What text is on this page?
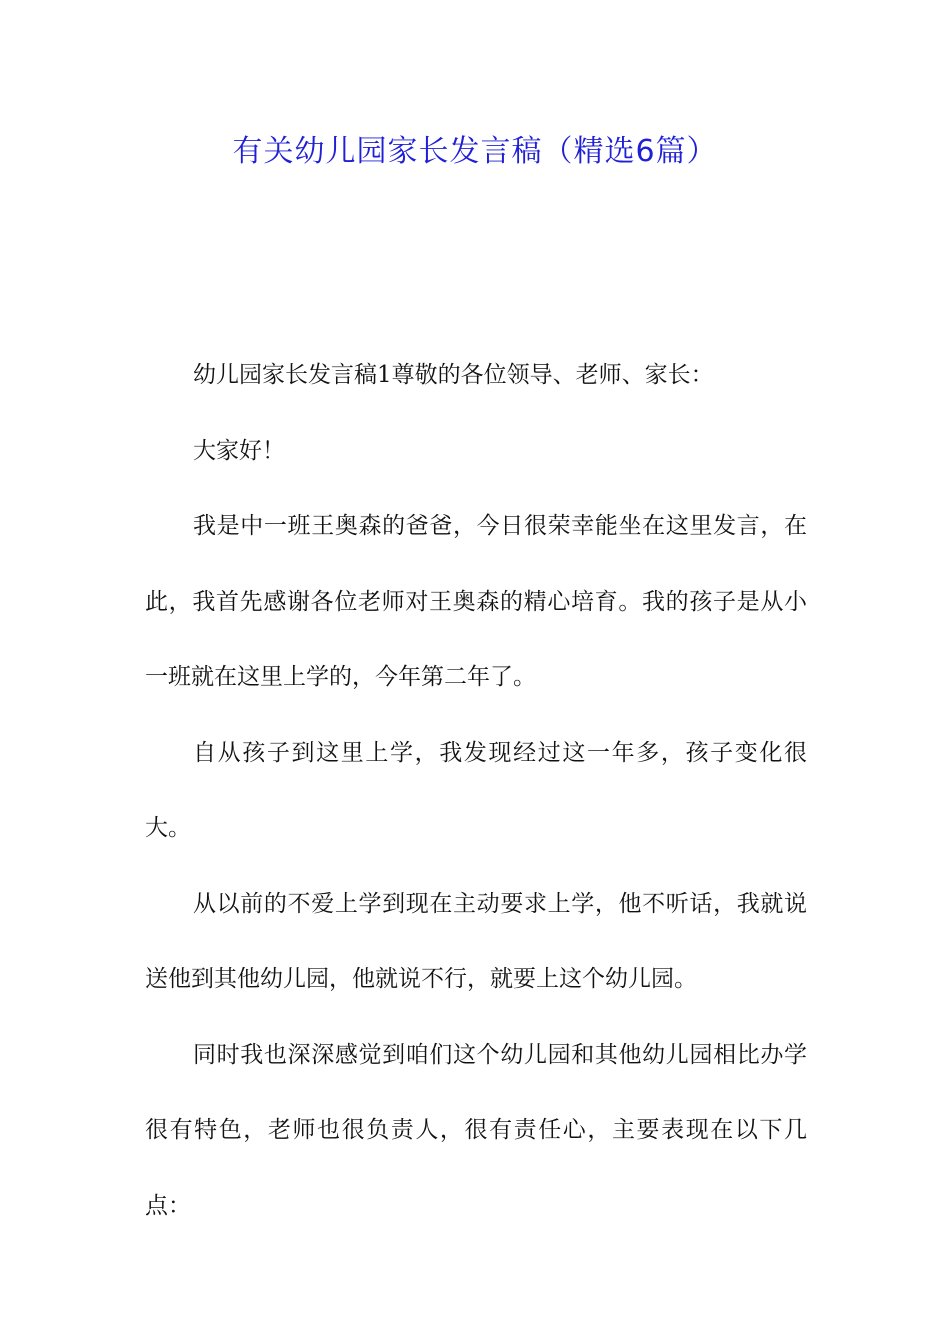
有关幼儿园家长发言稿（精选6篇）

幼儿园家长发言稿1尊敬的各位领导、老师、家长：

大家好！

我是中一班王奥森的爸爸，今日很荣幸能坐在这里发言，在此，我首先感谢各位老师对王奥森的精心培育。我的孩子是从小一班就在这里上学的，今年第二年了。

自从孩子到这里上学，我发现经过这一年多，孩子变化很大。

从以前的不爱上学到现在主动要求上学，他不听话，我就说送他到其他幼儿园，他就说不行，就要上这个幼儿园。

同时我也深深感觉到咱们这个幼儿园和其他幼儿园相比办学很有特色，老师也很负责人，很有责任心，主要表现在以下几点：
